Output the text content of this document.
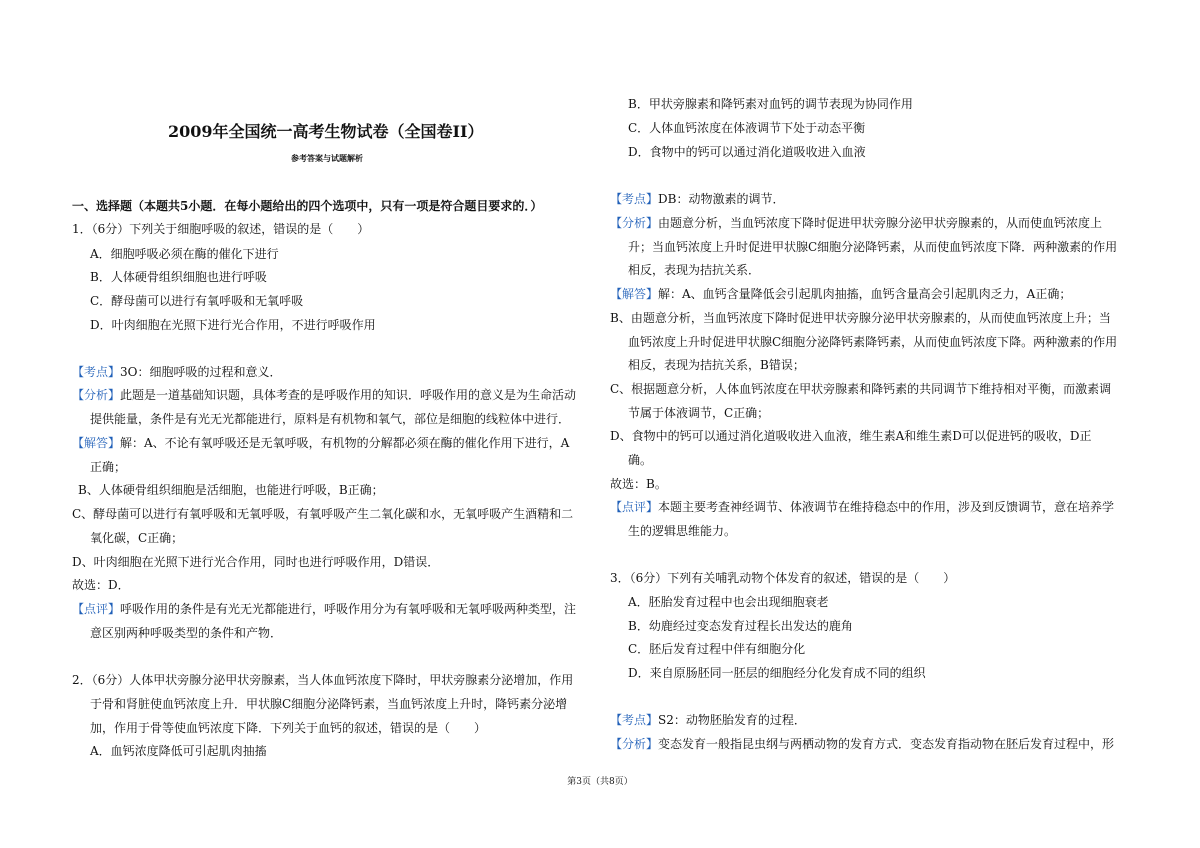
2009年全国统一高考生物试卷（全国卷II）
参考答案与试题解析
一、选择题（本题共5小题．在每小题给出的四个选项中，只有一项是符合题目要求的．）
1．（6分）下列关于细胞呼吸的叙述，错误的是（　　）
A．细胞呼吸必须在酶的催化下进行
B．人体硬骨组织细胞也进行呼吸
C．酵母菌可以进行有氧呼吸和无氧呼吸
D．叶肉细胞在光照下进行光合作用，不进行呼吸作用
【考点】3O：细胞呼吸的过程和意义．
【分析】此题是一道基础知识题，具体考查的是呼吸作用的知识．呼吸作用的意义是为生命活动
提供能量，条件是有光无光都能进行，原料是有机物和氧气，部位是细胞的线粒体中进行．
【解答】解：A、不论有氧呼吸还是无氧呼吸，有机物的分解都必须在酶的催化作用下进行，A
正确；
B、人体硬骨组织细胞是活细胞，也能进行呼吸，B正确；
C、酵母菌可以进行有氧呼吸和无氧呼吸，有氧呼吸产生二氧化碳和水，无氧呼吸产生酒精和二
氧化碳，C正确；
D、叶肉细胞在光照下进行光合作用，同时也进行呼吸作用，D错误．
故选：D．
【点评】呼吸作用的条件是有光无光都能进行，呼吸作用分为有氧呼吸和无氧呼吸两种类型，注
意区别两种呼吸类型的条件和产物．
2．（6分）人体甲状旁腺分泌甲状旁腺素，当人体血钙浓度下降时，甲状旁腺素分泌增加，作用
于骨和肾脏使血钙浓度上升．甲状腺C细胞分泌降钙素，当血钙浓度上升时，降钙素分泌增
加，作用于骨等使血钙浓度下降．下列关于血钙的叙述，错误的是（　　）
A．血钙浓度降低可引起肌肉抽搐
B．甲状旁腺素和降钙素对血钙的调节表现为协同作用
C．人体血钙浓度在体液调节下处于动态平衡
D．食物中的钙可以通过消化道吸收进入血液
【考点】DB：动物激素的调节．
【分析】由题意分析，当血钙浓度下降时促进甲状旁腺分泌甲状旁腺素的，从而使血钙浓度上
升；当血钙浓度上升时促进甲状腺C细胞分泌降钙素，从而使血钙浓度下降．两种激素的作用
相反，表现为拮抗关系．
【解答】解：A、血钙含量降低会引起肌肉抽搐，血钙含量高会引起肌肉乏力，A正确；
B、由题意分析，当血钙浓度下降时促进甲状旁腺分泌甲状旁腺素的，从而使血钙浓度上升；当
血钙浓度上升时促进甲状腺C细胞分泌降钙素降钙素，从而使血钙浓度下降。两种激素的作用
相反，表现为拮抗关系，B错误；
C、根据题意分析，人体血钙浓度在甲状旁腺素和降钙素的共同调节下维持相对平衡，而激素调
节属于体液调节，C正确；
D、食物中的钙可以通过消化道吸收进入血液，维生素A和维生素D可以促进钙的吸收，D正
确。
故选：B。
【点评】本题主要考查神经调节、体液调节在维持稳态中的作用，涉及到反馈调节，意在培养学
生的逻辑思维能力。
3．（6分）下列有关哺乳动物个体发育的叙述，错误的是（　　）
A．胚胎发育过程中也会出现细胞衰老
B．幼鹿经过变态发育过程长出发达的鹿角
C．胚后发育过程中伴有细胞分化
D．来自原肠胚同一胚层的细胞经分化发育成不同的组织
【考点】S2：动物胚胎发育的过程．
【分析】变态发育一般指昆虫纲与两栖动物的发育方式．变态发育指动物在胚后发育过程中，形
第3页（共8页）
